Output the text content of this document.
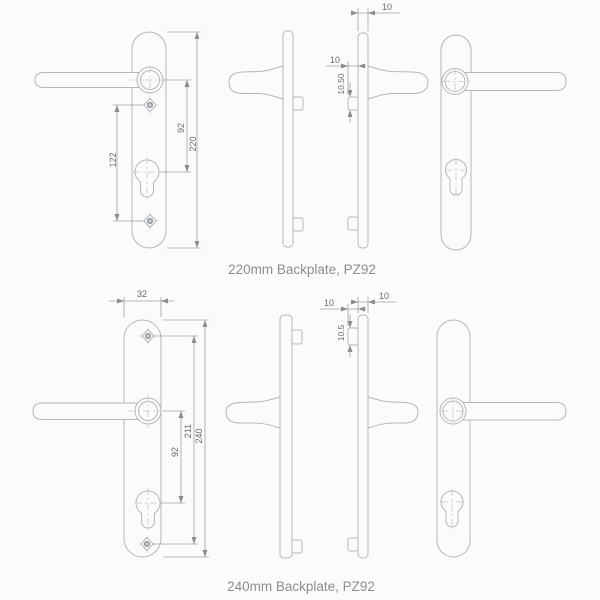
122
92
220
10
10
10.50
220mm Backplate, PZ92
32
92
211 240
10
10
10.5
240mm Backplate, PZ92
